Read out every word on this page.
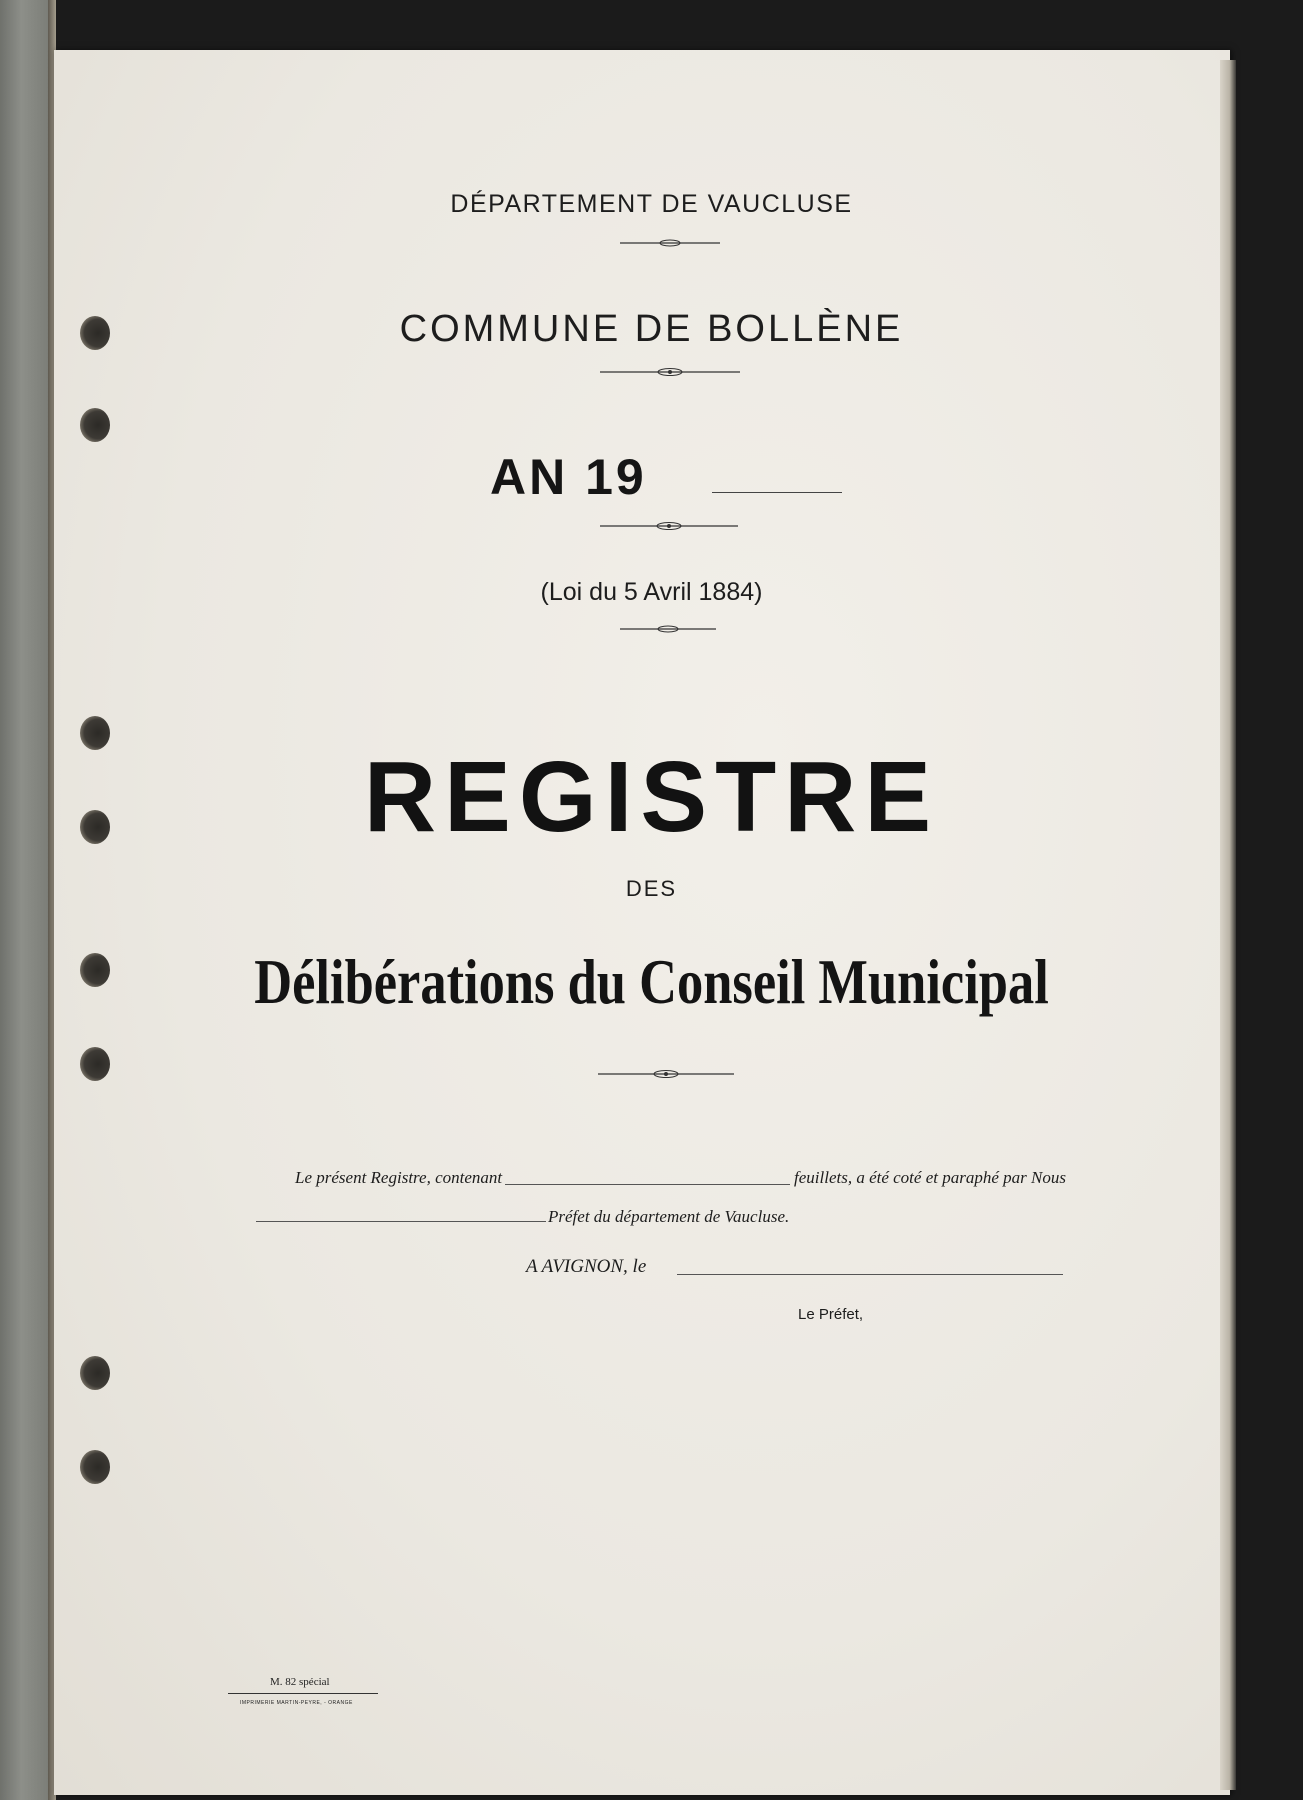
DÉPARTEMENT DE VAUCLUSE
COMMUNE DE BOLLÈNE
AN 19
(Loi du 5 Avril 1884)
REGISTRE
DES
Délibérations du Conseil Municipal
Le présent Registre, contenant	feuillets, a été coté et paraphé par Nous
Préfet du département de Vaucluse.
A AVIGNON, le
Le Préfet,
M. 82 spécial
IMPRIMERIE MARTIN-PEYRE, - ORANGE
